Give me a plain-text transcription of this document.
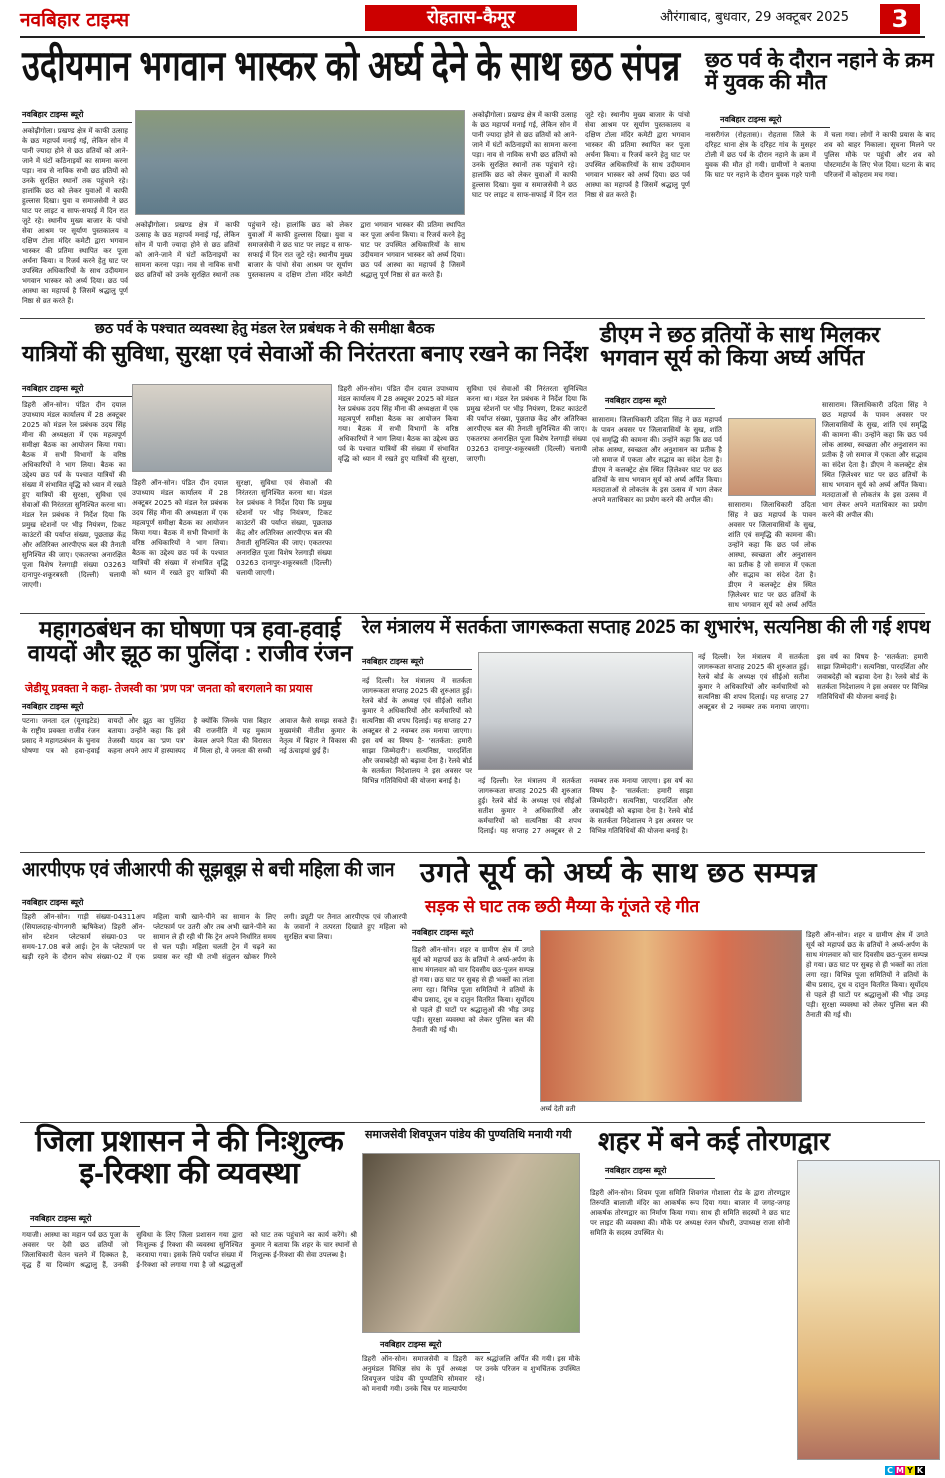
नवबिहार टाइम्स	रोहतास-कैमूर	औरंगाबाद, बुधवार, 29 अक्टूबर 2025	3
उदीयमान भगवान भास्कर को अर्घ्य देने के साथ छठ संपन्न
नवबिहार टाइम्स ब्यूरो
अकोढ़ीगोला। प्रखण्ड क्षेत्र में काफी उत्साह के छठ महापर्व मनाई गई, लेकिन सोन में पानी ज्यादा होने से छठ व्रतियों को आने-जाने में घंटों कठिनाइयों का सामना करना पड़ा। नाव से नाविक सभी छठ व्रतियों को उनके सुरक्षित स्थानों तक पहुंचाने रहे। हालांकि छठ को लेकर युवाओं में काफी हुल्लास दिखा। युवा व समाजसेवी ने छठ घाट पर लाइट व साफ-सफाई में दिन रात जुटे रहे। स्थानीय मुख्य बाजार के पांचो सेवा आश्रम पर सूर्याण पुस्तकालय व दक्षिण टोला मंदिर कमेटी द्वारा भगवान भास्कर की प्रतिमा स्थापित कर पूजा अर्चना किया। व रिजर्व करने हेतु घाट पर उपस्थित अधिकारियों के साथ उदीयमान भगवान भास्कर को अर्घ्य दिया। छठ पर्व आस्था का महापर्व है जिसमें श्रद्धालु पूर्ण निष्ठा से व्रत करते हैं।
अकोढ़ीगोला। प्रखण्ड क्षेत्र में काफी उत्साह के छठ महापर्व मनाई गई, लेकिन सोन में पानी ज्यादा होने से छठ व्रतियों को आने-जाने में घंटों कठिनाइयों का सामना करना पड़ा। नाव से नाविक सभी छठ व्रतियों को उनके सुरक्षित स्थानों तक पहुंचाने रहे। हालांकि छठ को लेकर युवाओं में काफी हुल्लास दिखा। युवा व समाजसेवी ने छठ घाट पर लाइट व साफ-सफाई में दिन रात जुटे रहे। स्थानीय मुख्य बाजार के पांचो सेवा आश्रम पर सूर्याण पुस्तकालय व दक्षिण टोला मंदिर कमेटी द्वारा भगवान भास्कर की प्रतिमा स्थापित कर पूजा अर्चना किया। व रिजर्व करने हेतु घाट पर उपस्थित अधिकारियों के साथ उदीयमान भगवान भास्कर को अर्घ्य दिया। छठ पर्व आस्था का महापर्व है जिसमें श्रद्धालु पूर्ण निष्ठा से व्रत करते हैं।
अकोढ़ीगोला। प्रखण्ड क्षेत्र में काफी उत्साह के छठ महापर्व मनाई गई, लेकिन सोन में पानी ज्यादा होने से छठ व्रतियों को आने-जाने में घंटों कठिनाइयों का सामना करना पड़ा। नाव से नाविक सभी छठ व्रतियों को उनके सुरक्षित स्थानों तक पहुंचाने रहे। हालांकि छठ को लेकर युवाओं में काफी हुल्लास दिखा। युवा व समाजसेवी ने छठ घाट पर लाइट व साफ-सफाई में दिन रात जुटे रहे। स्थानीय मुख्य बाजार के पांचो सेवा आश्रम पर सूर्याण पुस्तकालय व दक्षिण टोला मंदिर कमेटी द्वारा भगवान भास्कर की प्रतिमा स्थापित कर पूजा अर्चना किया। व रिजर्व करने हेतु घाट पर उपस्थित अधिकारियों के साथ उदीयमान भगवान भास्कर को अर्घ्य दिया। छठ पर्व आस्था का महापर्व है जिसमें श्रद्धालु पूर्ण निष्ठा से व्रत करते हैं।
छठ पर्व के दौरान नहाने के क्रम में युवक की मौत
नवबिहार टाइम्स ब्यूरो
नासरीगंज (रोहतास)। रोहतास जिले के दरिहट थाना क्षेत्र के दरिहट गांव के मुसहर टोली में छठ पर्व के दौरान नहाने के क्रम में युवक की मौत हो गयी। ग्रामीणों ने बताया कि घाट पर नहाने के दौरान युवक गहरे पानी में चला गया। लोगों ने काफी प्रयास के बाद शव को बाहर निकाला। सूचना मिलने पर पुलिस मौके पर पहुंची और शव को पोस्टमार्टम के लिए भेज दिया। घटना के बाद परिजनों में कोहराम मच गया।
छठ पर्व के पश्चात व्यवस्था हेतु मंडल रेल प्रबंधक ने की समीक्षा बैठक
यात्रियों की सुविधा, सुरक्षा एवं सेवाओं की निरंतरता बनाए रखने का निर्देश
नवबिहार टाइम्स ब्यूरो
डिहरी ऑन-सोन। पंडित दीन दयाल उपाध्याय मंडल कार्यालय में 28 अक्टूबर 2025 को मंडल रेल प्रबंधक उदय सिंह मीना की अध्यक्षता में एक महत्वपूर्ण समीक्षा बैठक का आयोजन किया गया। बैठक में सभी विभागों के वरिष्ठ अधिकारियों ने भाग लिया। बैठक का उद्देश्य छठ पर्व के पश्चात यात्रियों की संख्या में संभावित वृद्धि को ध्यान में रखते हुए यात्रियों की सुरक्षा, सुविधा एवं सेवाओं की निरंतरता सुनिश्चित करना था। मंडल रेल प्रबंधक ने निर्देश दिया कि प्रमुख स्टेशनों पर भीड़ नियंत्रण, टिकट काउंटरों की पर्याप्त संख्या, पूछताछ केंद्र और अतिरिक्त आरपीएफ बल की तैनाती सुनिश्चित की जाए। एकतरफा अनारक्षित पूजा विशेष रेलगाड़ी संख्या 03263 दानापुर-शकूरबस्ती (दिल्ली) चलायी जाएगी।
डिहरी ऑन-सोन। पंडित दीन दयाल उपाध्याय मंडल कार्यालय में 28 अक्टूबर 2025 को मंडल रेल प्रबंधक उदय सिंह मीना की अध्यक्षता में एक महत्वपूर्ण समीक्षा बैठक का आयोजन किया गया। बैठक में सभी विभागों के वरिष्ठ अधिकारियों ने भाग लिया। बैठक का उद्देश्य छठ पर्व के पश्चात यात्रियों की संख्या में संभावित वृद्धि को ध्यान में रखते हुए यात्रियों की सुरक्षा, सुविधा एवं सेवाओं की निरंतरता सुनिश्चित करना था। मंडल रेल प्रबंधक ने निर्देश दिया कि प्रमुख स्टेशनों पर भीड़ नियंत्रण, टिकट काउंटरों की पर्याप्त संख्या, पूछताछ केंद्र और अतिरिक्त आरपीएफ बल की तैनाती सुनिश्चित की जाए। एकतरफा अनारक्षित पूजा विशेष रेलगाड़ी संख्या 03263 दानापुर-शकूरबस्ती (दिल्ली) चलायी जाएगी।
डिहरी ऑन-सोन। पंडित दीन दयाल उपाध्याय मंडल कार्यालय में 28 अक्टूबर 2025 को मंडल रेल प्रबंधक उदय सिंह मीना की अध्यक्षता में एक महत्वपूर्ण समीक्षा बैठक का आयोजन किया गया। बैठक में सभी विभागों के वरिष्ठ अधिकारियों ने भाग लिया। बैठक का उद्देश्य छठ पर्व के पश्चात यात्रियों की संख्या में संभावित वृद्धि को ध्यान में रखते हुए यात्रियों की सुरक्षा, सुविधा एवं सेवाओं की निरंतरता सुनिश्चित करना था। मंडल रेल प्रबंधक ने निर्देश दिया कि प्रमुख स्टेशनों पर भीड़ नियंत्रण, टिकट काउंटरों की पर्याप्त संख्या, पूछताछ केंद्र और अतिरिक्त आरपीएफ बल की तैनाती सुनिश्चित की जाए। एकतरफा अनारक्षित पूजा विशेष रेलगाड़ी संख्या 03263 दानापुर-शकूरबस्ती (दिल्ली) चलायी जाएगी।
डीएम ने छठ व्रतियों के साथ मिलकर भगवान सूर्य को किया अर्घ्य अर्पित
नवबिहार टाइम्स ब्यूरो
सासाराम। जिलाधिकारी उदिता सिंह ने छठ महापर्व के पावन अवसर पर जिलावासियों के सुख, शांति एवं समृद्धि की कामना की। उन्होंने कहा कि छठ पर्व लोक आस्था, स्वच्छता और अनुशासन का प्रतीक है जो समाज में एकता और सद्भाव का संदेश देता है। डीएम ने कलक्ट्रेट क्षेत्र स्थित ज़िलेश्वर घाट पर छठ व्रतियों के साथ भगवान सूर्य को अर्घ्य अर्पित किया। मतदाताओं से लोकतंत्र के इस उत्सव में भाग लेकर अपने मताधिकार का प्रयोग करने की अपील की।
सासाराम। जिलाधिकारी उदिता सिंह ने छठ महापर्व के पावन अवसर पर जिलावासियों के सुख, शांति एवं समृद्धि की कामना की। उन्होंने कहा कि छठ पर्व लोक आस्था, स्वच्छता और अनुशासन का प्रतीक है जो समाज में एकता और सद्भाव का संदेश देता है। डीएम ने कलक्ट्रेट क्षेत्र स्थित ज़िलेश्वर घाट पर छठ व्रतियों के साथ भगवान सूर्य को अर्घ्य अर्पित
सासाराम। जिलाधिकारी उदिता सिंह ने छठ महापर्व के पावन अवसर पर जिलावासियों के सुख, शांति एवं समृद्धि की कामना की। उन्होंने कहा कि छठ पर्व लोक आस्था, स्वच्छता और अनुशासन का प्रतीक है जो समाज में एकता और सद्भाव का संदेश देता है। डीएम ने कलक्ट्रेट क्षेत्र स्थित ज़िलेश्वर घाट पर छठ व्रतियों के साथ भगवान सूर्य को अर्घ्य अर्पित किया। मतदाताओं से लोकतंत्र के इस उत्सव में भाग लेकर अपने मताधिकार का प्रयोग करने की अपील की।
महागठबंधन का घोषणा पत्र हवा-हवाई वायदों और झूठ का पुलिंदा : राजीव रंजन
जेडीयू प्रवक्ता ने कहा- तेजस्वी का 'प्रण पत्र' जनता को बरगलाने का प्रयास
नवबिहार टाइम्स ब्यूरो
पटना। जनता दल (यूनाइटेड) के राष्ट्रीय प्रवक्ता राजीव रंजन प्रसाद ने महागठबंधन के चुनाव घोषणा पत्र को हवा-हवाई वायदों और झूठ का पुलिंदा बताया। उन्होंने कहा कि इसे तेजस्वी यादव का 'प्रण पत्र' कहना अपने आप में हास्यास्पद है क्योंकि जिनके पास बिहार की राजनीति में यह मुकाम केवल अपने पिता की विरासत में मिला हो, वे जनता की सच्ची आवाज कैसे समझ सकते हैं। मुख्यमंत्री नीतीश कुमार के नेतृत्व में बिहार ने विकास की नई ऊंचाइयां छुई हैं।
रेल मंत्रालय में सतर्कता जागरूकता सप्ताह 2025 का शुभारंभ, सत्यनिष्ठा की ली गई शपथ
नवबिहार टाइम्स ब्यूरो
नई दिल्ली। रेल मंत्रालय में सतर्कता जागरूकता सप्ताह 2025 की शुरुआत हुई। रेलवे बोर्ड के अध्यक्ष एवं सीईओ सतीश कुमार ने अधिकारियों और कर्मचारियों को सत्यनिष्ठा की शपथ दिलाई। यह सप्ताह 27 अक्टूबर से 2 नवम्बर तक मनाया जाएगा। इस वर्ष का विषय है- 'सतर्कता: हमारी साझा जिम्मेदारी'। सत्यनिष्ठा, पारदर्शिता और जवाबदेही को बढ़ावा देना है। रेलवे बोर्ड के सतर्कता निदेशालय ने इस अवसर पर विभिन्न गतिविधियों की योजना बनाई है।	नई दिल्ली। रेल मंत्रालय में सतर्कता जागरूकता सप्ताह 2025 की शुरुआत हुई। रेलवे बोर्ड के अध्यक्ष एवं सीईओ सतीश कुमार ने अधिकारियों और कर्मचारियों को सत्यनिष्ठा की शपथ दिलाई। यह सप्ताह 27 अक्टूबर से 2 नवम्बर तक मनाया जाएगा। इस वर्ष का विषय है- 'सतर्कता: हमारी साझा जिम्मेदारी'। सत्यनिष्ठा, पारदर्शिता और जवाबदेही को बढ़ावा देना है। रेलवे बोर्ड के सतर्कता निदेशालय ने इस अवसर पर विभिन्न गतिविधियों की योजना बनाई है।
नई दिल्ली। रेल मंत्रालय में सतर्कता जागरूकता सप्ताह 2025 की शुरुआत हुई। रेलवे बोर्ड के अध्यक्ष एवं सीईओ सतीश कुमार ने अधिकारियों और कर्मचारियों को सत्यनिष्ठा की शपथ दिलाई। यह सप्ताह 27 अक्टूबर से 2 नवम्बर तक मनाया जाएगा। इस वर्ष का विषय है- 'सतर्कता: हमारी साझा जिम्मेदारी'। सत्यनिष्ठा, पारदर्शिता और जवाबदेही को बढ़ावा देना है। रेलवे बोर्ड के सतर्कता निदेशालय ने इस अवसर पर विभिन्न गतिविधियों की योजना बनाई है।
आरपीएफ एवं जीआरपी की सूझबूझ से बची महिला की जान
नवबिहार टाइम्स ब्यूरो
डिहरी ऑन-सोन। गाड़ी संख्या-04311अप (सियालदाह-योगनगरी ऋषिकेश) डिहरी ऑन-सोन स्टेशन प्लेटफार्म संख्या-03 पर समय-17.08 बजे आई। ट्रेन के प्लेटफार्म पर खड़ी रहने के दौरान कोच संख्या-02 में एक महिला यात्री खाने-पीने का सामान के लिए प्लेटफार्म पर उतरी और तब अभी खाने-पीने का सामान ले ही रही थी कि ट्रेन अपने निर्धारित समय से चल पड़ी। महिला चलती ट्रेन में चढ़ने का प्रयास कर रही थी तभी संतुलन खोकर गिरने लगी। ड्यूटी पर तैनात आरपीएफ एवं जीआरपी के जवानों ने तत्परता दिखाते हुए महिला को सुरक्षित बचा लिया।
उगते सूर्य को अर्घ्य के साथ छठ सम्पन्न
सड़क से घाट तक छठी मैय्या के गूंजते रहे गीत
नवबिहार टाइम्स ब्यूरो
अर्घ्य देती व्रती
डिहरी ऑन-सोन। शहर व ग्रामीण क्षेत्र में उगते सूर्य को महापर्व छठ के व्रतियों ने अर्घ्य-अर्पण के साथ मंगलवार को चार दिवसीय छठ-पूजन सम्पन्न हो गया। छठ घाट पर सुबह से ही भक्तों का तांता लगा रहा। विभिन्न पूजा समितियों ने व्रतियों के बीच प्रसाद, दूध व दातुन वितरित किया। सूर्योदय से पहले ही घाटों पर श्रद्धालुओं की भीड़ उमड़ पड़ी। सुरक्षा व्यवस्था को लेकर पुलिस बल की तैनाती की गई थी।
डिहरी ऑन-सोन। शहर व ग्रामीण क्षेत्र में उगते सूर्य को महापर्व छठ के व्रतियों ने अर्घ्य-अर्पण के साथ मंगलवार को चार दिवसीय छठ-पूजन सम्पन्न हो गया। छठ घाट पर सुबह से ही भक्तों का तांता लगा रहा। विभिन्न पूजा समितियों ने व्रतियों के बीच प्रसाद, दूध व दातुन वितरित किया। सूर्योदय से पहले ही घाटों पर श्रद्धालुओं की भीड़ उमड़ पड़ी। सुरक्षा व्यवस्था को लेकर पुलिस बल की तैनाती की गई थी।
जिला प्रशासन ने की निःशुल्क इ-रिक्शा की व्यवस्था
नवबिहार टाइम्स ब्यूरो
गयाजी। आस्था का महान पर्व छठ पूजा के अवसर पर देवी छठ व्रतियों जो जिलाधिकारी चेतन चलने में दिक्कत है, वृद्ध हैं या दिव्यांग श्रद्धालु हैं, उनकी सुविधा के लिए जिला प्रशासन गया द्वारा निःशुल्क ई रिक्शा की व्यवस्था सुनिश्चित करवाया गया। इसके लिये पर्याप्त संख्या में ई-रिक्शा को लगाया गया है जो श्रद्धालुओं को घाट तक पहुंचाने का कार्य करेंगे। श्री कुमार ने बताया कि शहर के चार स्थानों से निःशुल्क ई-रिक्शा की सेवा उपलब्ध है।
समाजसेवी शिवपूजन पांडेय की पुण्यतिथि मनायी गयी
नवबिहार टाइम्स ब्यूरो
डिहरी ऑन-सोन। समाजसेवी व डिहरी अनुमंडल विधिज्ञ संघ के पूर्व अध्यक्ष शिवपूजन पांडेय की पुण्यतिथि सोमवार को मनायी गयी। उनके चित्र पर माल्यार्पण कर श्रद्धांजलि अर्पित की गयी। इस मौके पर उनके परिजन व शुभचिंतक उपस्थित रहे।
शहर में बने कई तोरणद्वार
नवबिहार टाइम्स ब्यूरो
डिहरी ऑन-सोन। शिवम पूजा समिति शिवगंज गोशाला रोड के द्वारा तोरणद्वार तिरुपति बालाजी मंदिर का आकर्षक रूप दिया गया। बाजार में जगह-जगह आकर्षक तोरणद्वार का निर्माण किया गया। साथ ही समिति सदस्यों ने छठ घाट पर लाइट की व्यवस्था की। मौके पर अध्यक्ष रंजन चौधरी, उपाध्यक्ष राजा सोनी समिति के सदस्य उपस्थित थे।
C M Y K
